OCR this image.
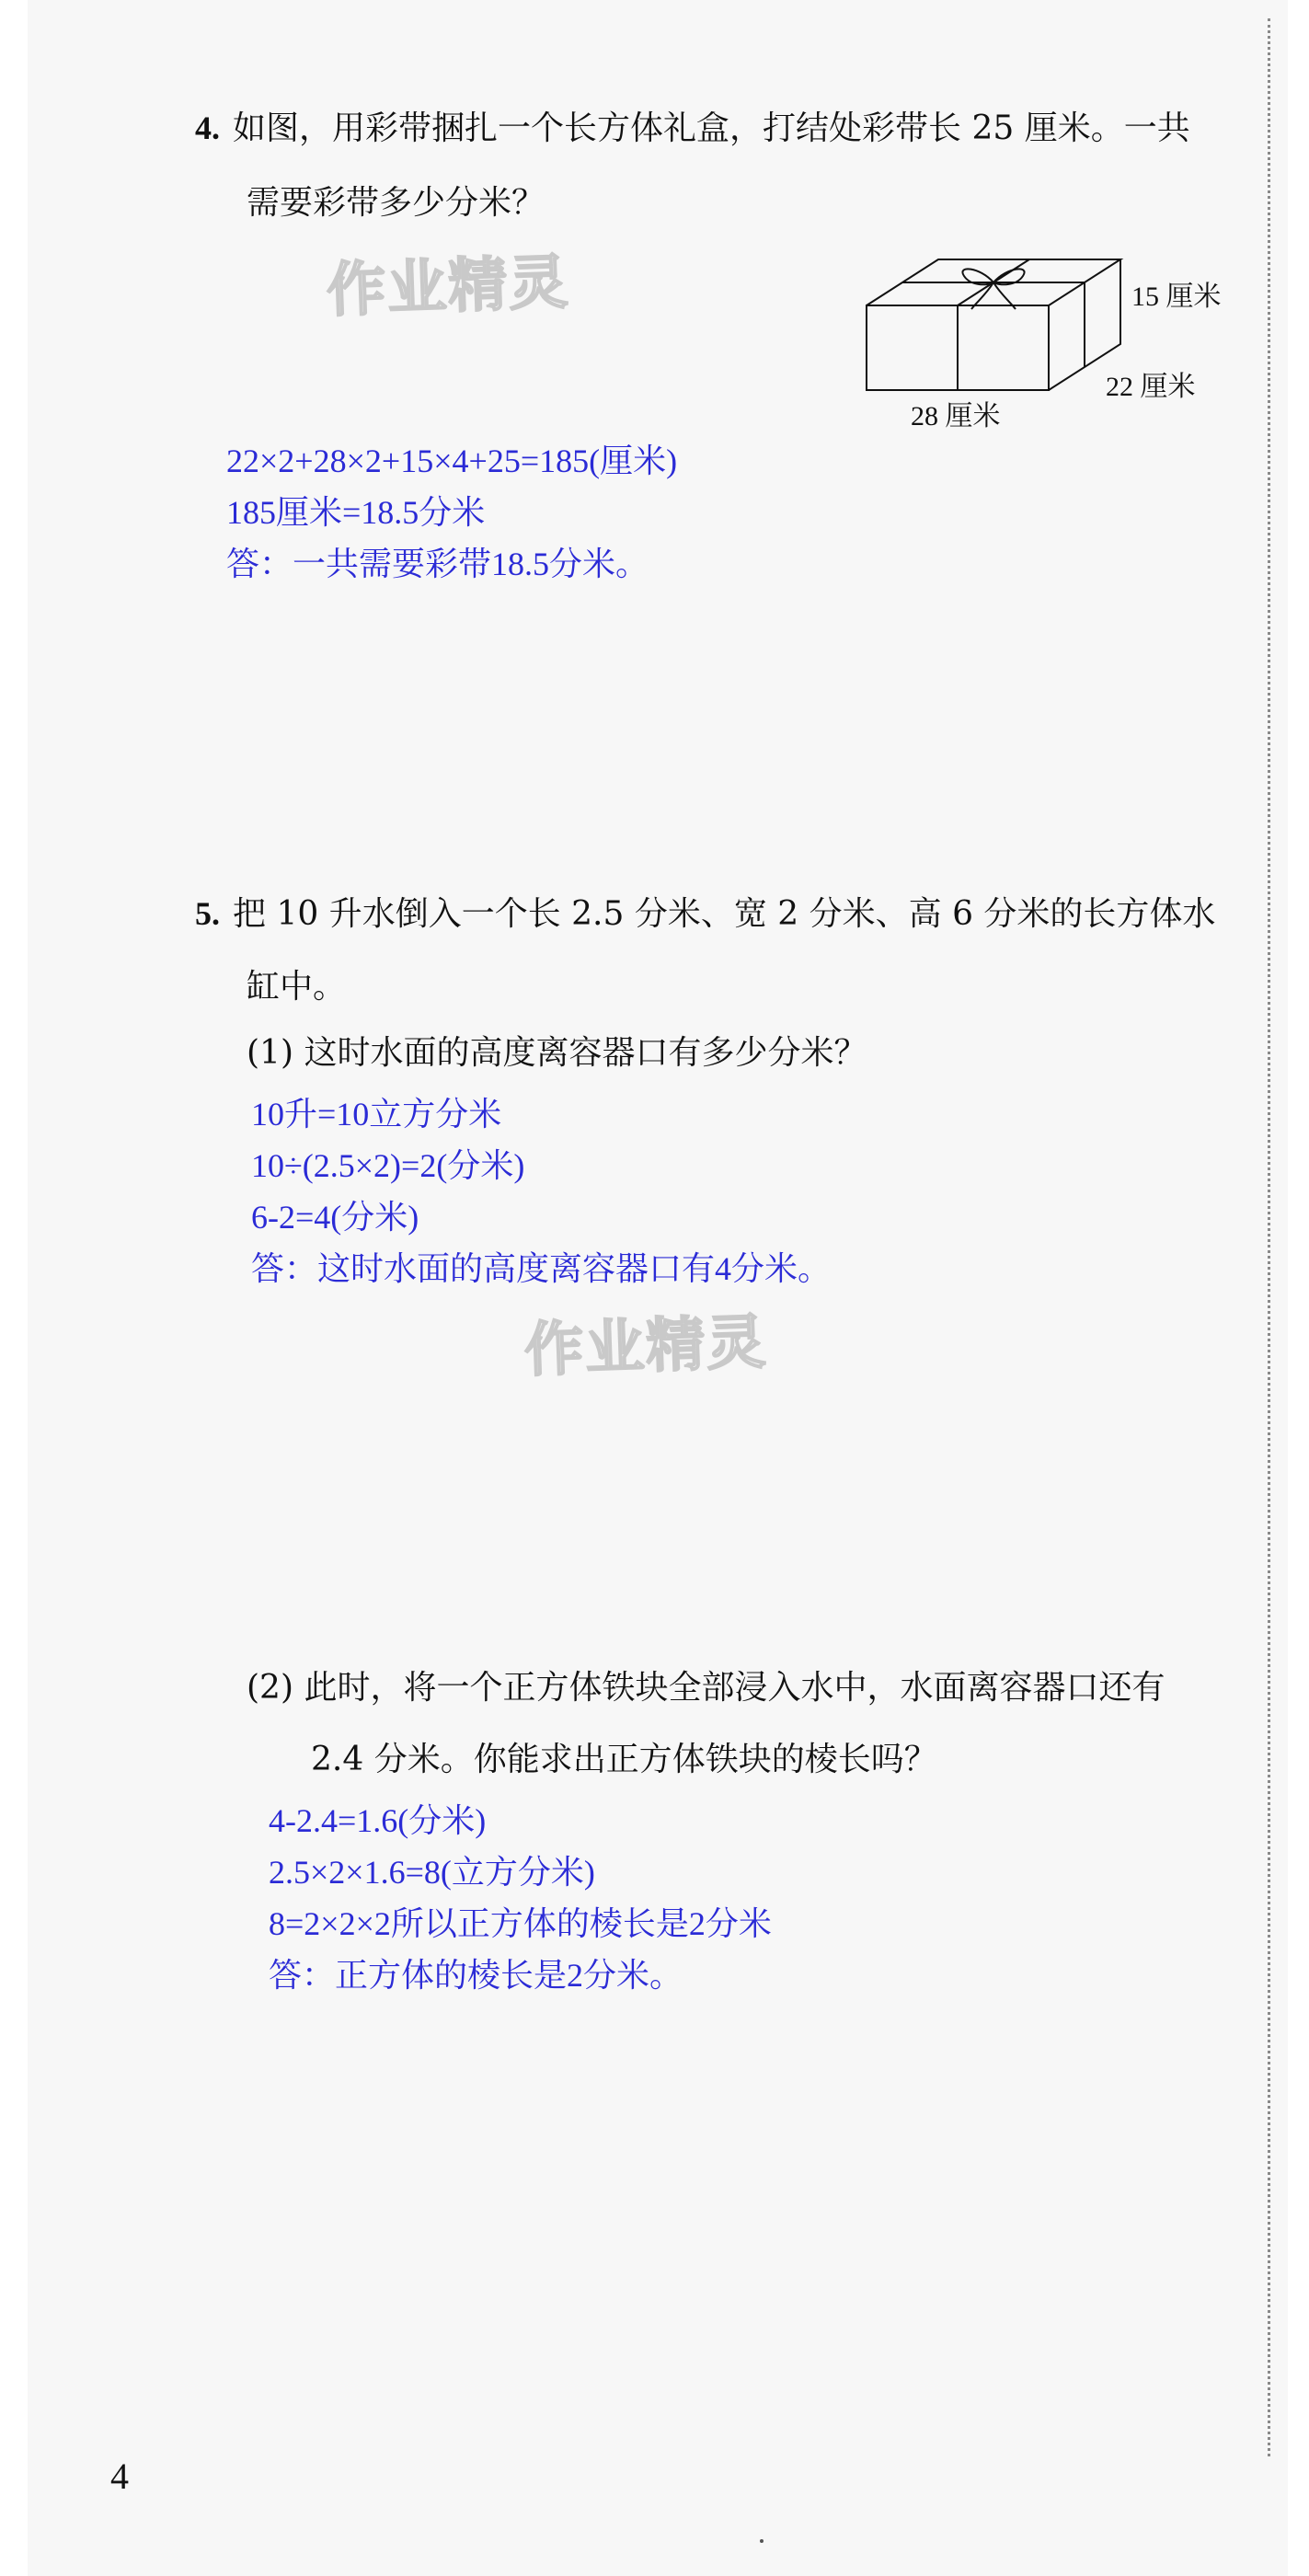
4. 如图，用彩带捆扎一个长方体礼盒，打结处彩带长 25 厘米。一共
需要彩带多少分米？
作业精灵	15 厘米
22 厘米
28 厘米
22×2+28×2+15×4+25=185(厘米)
185厘米=18.5分米
答：一共需要彩带18.5分米。
5. 把 10 升水倒入一个长 2.5 分米、宽 2 分米、高 6 分米的长方体水
缸中。
(1) 这时水面的高度离容器口有多少分米？
10升=10立方分米
10÷(2.5×2)=2(分米)
6-2=4(分米)
答：这时水面的高度离容器口有4分米。
作业精灵
(2) 此时，将一个正方体铁块全部浸入水中，水面离容器口还有
2.4 分米。你能求出正方体铁块的棱长吗？
4-2.4=1.6(分米)
2.5×2×1.6=8(立方分米)
8=2×2×2所以正方体的棱长是2分米
答：正方体的棱长是2分米。
4
